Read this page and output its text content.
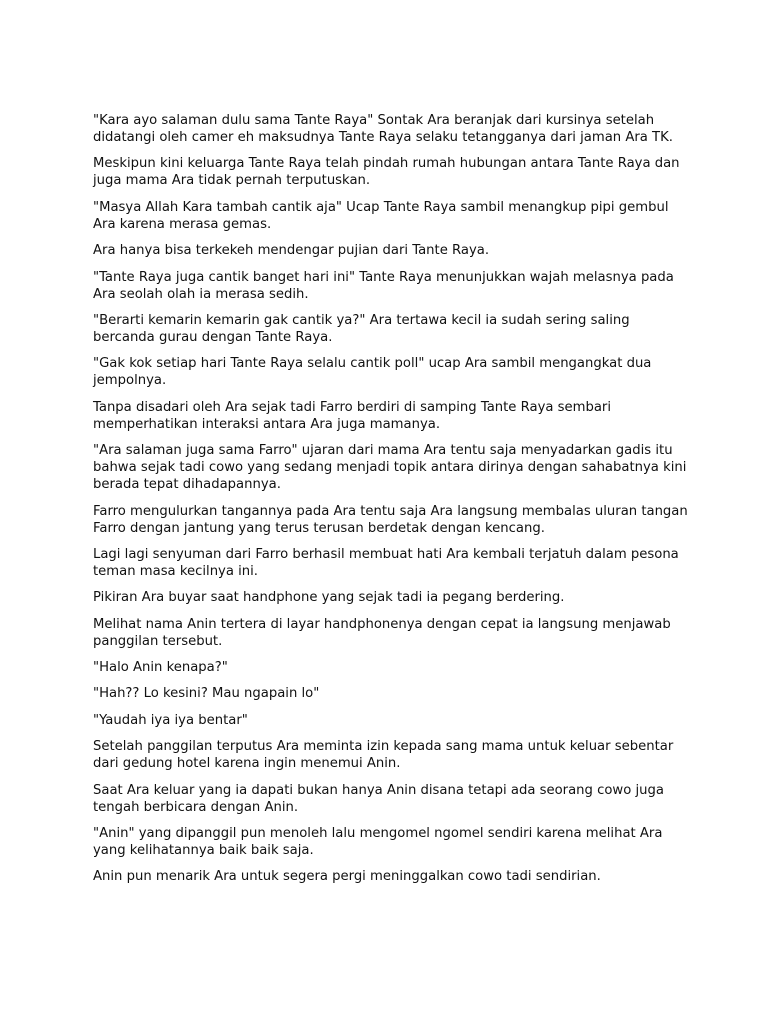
"Kara ayo salaman dulu sama Tante Raya" Sontak Ara beranjak dari kursinya setelah didatangi oleh camer eh maksudnya Tante Raya selaku tetangganya dari jaman Ara TK.

Meskipun kini keluarga Tante Raya telah pindah rumah hubungan antara Tante Raya dan juga mama Ara tidak pernah terputuskan.

"Masya Allah Kara tambah cantik aja" Ucap Tante Raya sambil menangkup pipi gembul Ara karena merasa gemas.

Ara hanya bisa terkekeh mendengar pujian dari Tante Raya.

"Tante Raya juga cantik banget hari ini" Tante Raya menunjukkan wajah melasnya pada Ara seolah olah ia merasa sedih.

"Berarti kemarin kemarin gak cantik ya?" Ara tertawa kecil ia sudah sering saling bercanda gurau dengan Tante Raya.

"Gak kok setiap hari Tante Raya selalu cantik poll" ucap Ara sambil mengangkat dua jempolnya.

Tanpa disadari oleh Ara sejak tadi Farro berdiri di samping Tante Raya sembari memperhatikan interaksi antara Ara juga mamanya.

"Ara salaman juga sama Farro" ujaran dari mama Ara tentu saja menyadarkan gadis itu bahwa sejak tadi cowo yang sedang menjadi topik antara dirinya dengan sahabatnya kini berada tepat dihadapannya.

Farro mengulurkan tangannya pada Ara tentu saja Ara langsung membalas uluran tangan Farro dengan jantung yang terus terusan berdetak dengan kencang.

Lagi lagi senyuman dari Farro berhasil membuat hati Ara kembali terjatuh dalam pesona teman masa kecilnya ini.

Pikiran Ara buyar saat handphone yang sejak tadi ia pegang berdering.

Melihat nama Anin tertera di layar handphonenya dengan cepat ia langsung menjawab panggilan tersebut.

"Halo Anin kenapa?"

"Hah?? Lo kesini? Mau ngapain lo"

"Yaudah iya iya bentar"

Setelah panggilan terputus Ara meminta izin kepada sang mama untuk keluar sebentar dari gedung hotel karena ingin menemui Anin.

Saat Ara keluar yang ia dapati bukan hanya Anin disana tetapi ada seorang cowo juga tengah berbicara dengan Anin.

"Anin" yang dipanggil pun menoleh lalu mengomel ngomel sendiri karena melihat Ara yang kelihatannya baik baik saja.

Anin pun menarik Ara untuk segera pergi meninggalkan cowo tadi sendirian.
